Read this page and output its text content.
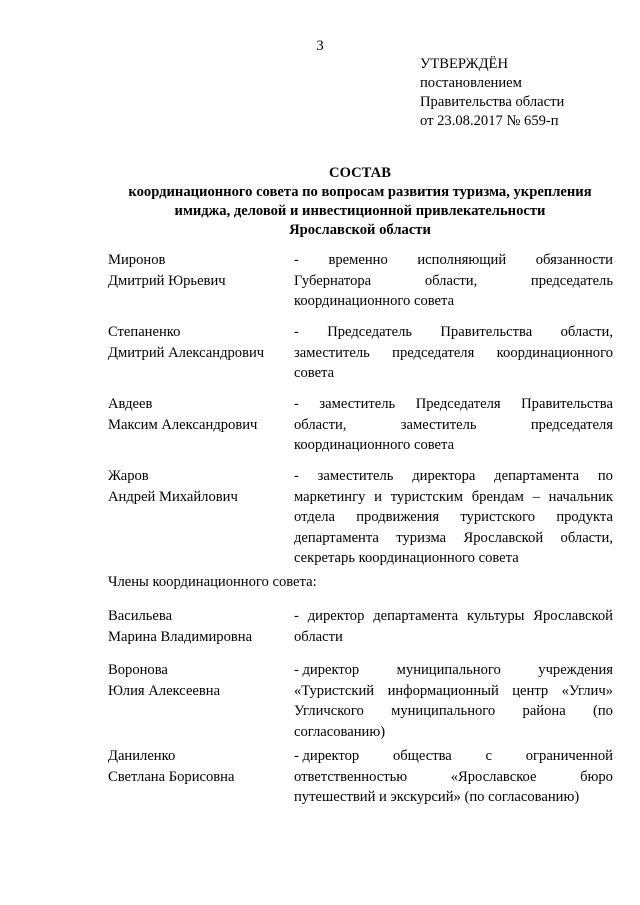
3
УТВЕРЖДЁН
постановлением
Правительства области
от 23.08.2017 № 659-п
СОСТАВ
координационного совета по вопросам развития туризма, укрепления
имиджа, деловой и инвестиционной привлекательности
Ярославской области
Миронов
Дмитрий Юрьевич
- временно исполняющий обязанности
Губернатора	области,	председатель
координационного совета
Степаненко
Дмитрий Александрович
- Председатель Правительства области,
заместитель председателя координационного
совета
Авдеев
Максим Александрович
- заместитель Председателя Правительства
области,	заместитель	председателя
координационного совета
Жаров
Андрей Михайлович
- заместитель директора департамента по
маркетингу и туристским брендам – начальник
отдела продвижения туристского продукта
департамента туризма Ярославской области,
секретарь координационного совета
Члены координационного совета:
Васильева
Марина Владимировна
- директор департамента культуры Ярославской
области
Воронова
Юлия Алексеевна
- директор	муниципального	учреждения
«Туристский информационный центр «Углич»
Угличского муниципального района (по
согласованию)
Даниленко
Светлана Борисовна
- директор общества с ограниченной
ответственностью	«Ярославское	бюро
путешествий и экскурсий» (по согласованию)
